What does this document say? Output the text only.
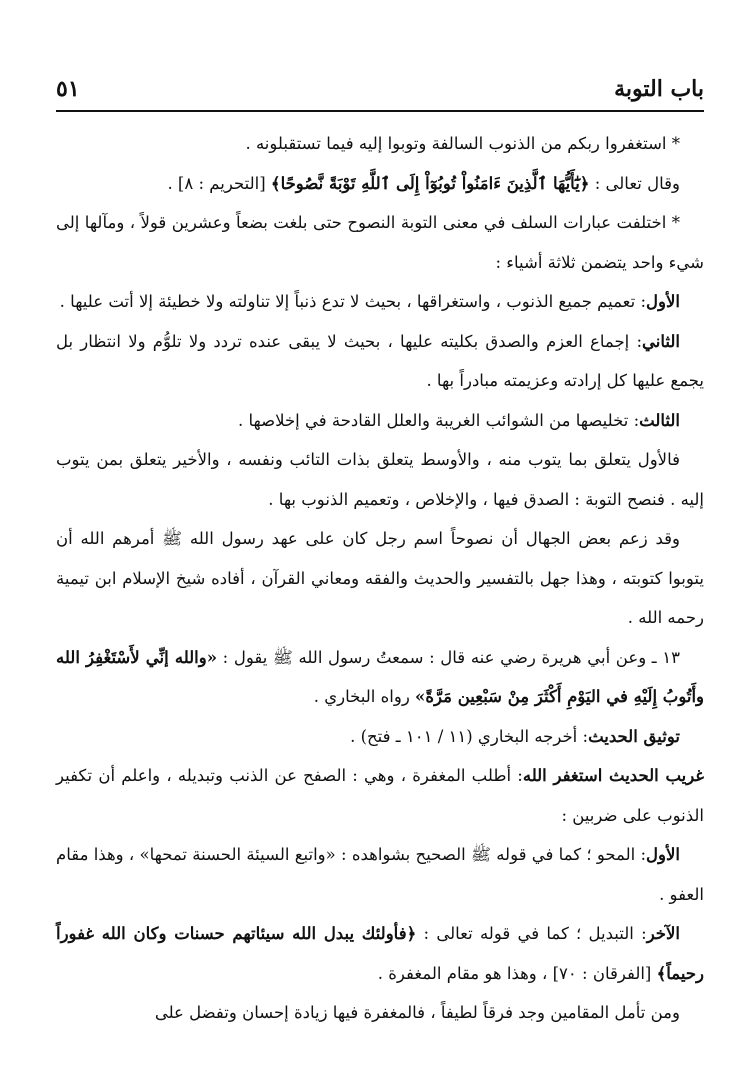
باب التوبة
٥١

* استغفروا ربكم من الذنوب السالفة وتوبوا إليه فيما تستقبلونه .

وقال تعالى : ﴿يَٰٓأَيُّهَا ٱلَّذِينَ ءَامَنُواْ تُوبُوٓاْ إِلَى ٱللَّهِ تَوْبَةً نَّصُوحًا﴾ [التحريم : ٨] .

* اختلفت عبارات السلف في معنى التوبة النصوح حتى بلغت بضعاً وعشرين قولاً ، ومآلها إلى شيء واحد يتضمن ثلاثة أشياء :

الأول: تعميم جميع الذنوب ، واستغراقها ، بحيث لا تدع ذنباً إلا تناولته ولا خطيئة إلا أتت عليها .

الثاني: إجماع العزم والصدق بكليته عليها ، بحيث لا يبقى عنده تردد ولا تلوُّم ولا انتظار بل يجمع عليها كل إرادته وعزيمته مبادراً بها .

الثالث: تخليصها من الشوائب الغريبة والعلل القادحة في إخلاصها .

فالأول يتعلق بما يتوب منه ، والأوسط يتعلق بذات التائب ونفسه ، والأخير يتعلق بمن يتوب إليه . فنصح التوبة : الصدق فيها ، والإخلاص ، وتعميم الذنوب بها .

وقد زعم بعض الجهال أن نصوحاً اسم رجل كان على عهد رسول الله ﷺ أمرهم الله أن يتوبوا كتوبته ، وهذا جهل بالتفسير والحديث والفقه ومعاني القرآن ، أفاده شيخ الإسلام ابن تيمية رحمه الله .

١٣ ـ وعن أبي هريرة رضي عنه قال : سمعتُ رسول الله ﷺ يقول : «والله إنِّي لأَسْتَغْفِرُ الله وأَتُوبُ إِلَيْهِ في اليَوْمِ أَكْثَرَ مِنْ سَبْعِين مَرَّةً» رواه البخاري .

توثيق الحديث: أخرجه البخاري (١١ / ١٠١ ـ فتح) .

غريب الحديث استغفر الله: أطلب المغفرة ، وهي : الصفح عن الذنب وتبديله ، واعلم أن تكفير الذنوب على ضربين :

الأول: المحو ؛ كما في قوله ﷺ الصحيح بشواهده : «واتبع السيئة الحسنة تمحها» ، وهذا مقام العفو .

الآخر: التبديل ؛ كما في قوله تعالى : ﴿فأولئك يبدل الله سيئاتهم حسنات وكان الله غفوراً رحيماً﴾ [الفرقان : ٧٠] ، وهذا هو مقام المغفرة .

ومن تأمل المقامين وجد فرقاً لطيفاً ، فالمغفرة فيها زيادة إحسان وتفضل على
